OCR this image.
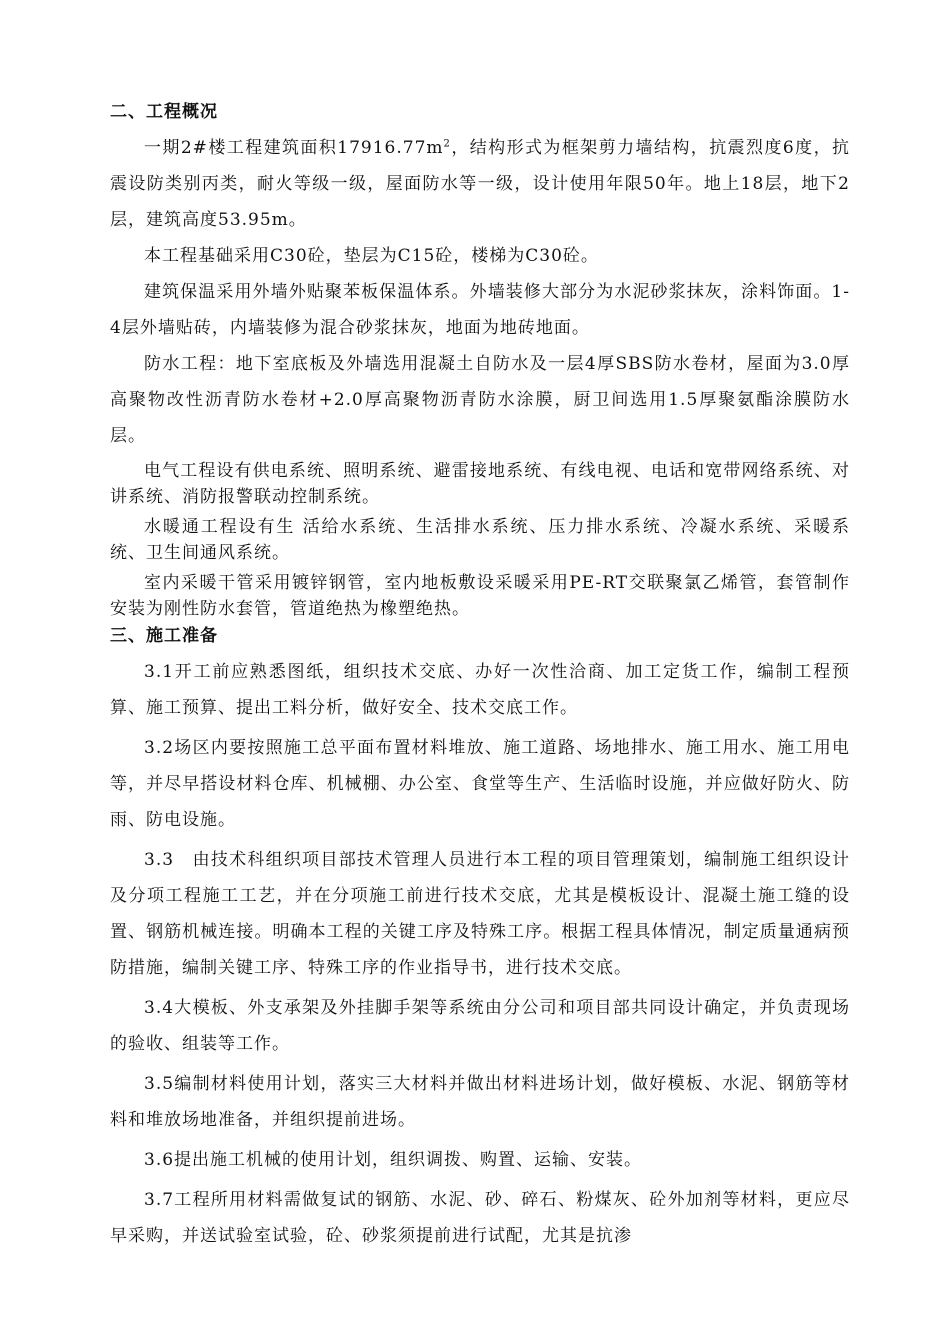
二、工程概况

一期2#楼工程建筑面积$17916.77m^2$，结构形式为框架剪力墙结构，抗震烈度6度，抗震设防类别丙类，耐火等级一级，屋面防水等一级，设计使用年限50年。地上18层，地下2层，建筑高度53.95m。

本工程基础采用C30砼，垫层为C15砼，楼梯为C30砼。

建筑保温采用外墙外贴聚苯板保温体系。外墙装修大部分为水泥砂浆抹灰，涂料饰面。1-4层外墙贴砖，内墙装修为混合砂浆抹灰，地面为地砖地面。

防水工程：地下室底板及外墙选用混凝土自防水及一层4厚SBS防水卷材，屋面为3.0厚高聚物改性沥青防水卷材+2.0厚高聚物沥青防水涂膜，厨卫间选用1.5厚聚氨酯涂膜防水层。

电气工程设有供电系统、照明系统、避雷接地系统、有线电视、电话和宽带网络系统、对讲系统、消防报警联动控制系统。

水暖通工程设有生 活给水系统、生活排水系统、压力排水系统、冷凝水系统、采暖系统、卫生间通风系统。

室内采暖干管采用镀锌钢管，室内地板敷设采暖采用PE-RT交联聚氯乙烯管，套管制作安装为刚性防水套管，管道绝热为橡塑绝热。

三、施工准备

3.1开工前应熟悉图纸，组织技术交底、办好一次性洽商、加工定货工作，编制工程预算、施工预算、提出工料分析，做好安全、技术交底工作。

3.2场区内要按照施工总平面布置材料堆放、施工道路、场地排水、施工用水、施工用电等，并尽早搭设材料仓库、机械棚、办公室、食堂等生产、生活临时设施，并应做好防火、防雨、防电设施。

3.3　由技术科组织项目部技术管理人员进行本工程的项目管理策划，编制施工组织设计及分项工程施工工艺，并在分项施工前进行技术交底，尤其是模板设计、混凝土施工缝的设置、钢筋机械连接。明确本工程的关键工序及特殊工序。根据工程具体情况，制定质量通病预防措施，编制关键工序、特殊工序的作业指导书，进行技术交底。

3.4大模板、外支承架及外挂脚手架等系统由分公司和项目部共同设计确定，并负责现场的验收、组装等工作。

3.5编制材料使用计划，落实三大材料并做出材料进场计划，做好模板、水泥、钢筋等材料和堆放场地准备，并组织提前进场。

3.6提出施工机械的使用计划，组织调拨、购置、运输、安装。

3.7工程所用材料需做复试的钢筋、水泥、砂、碎石、粉煤灰、砼外加剂等材料，更应尽早采购，并送试验室试验，砼、砂浆须提前进行试配，尤其是抗渗
